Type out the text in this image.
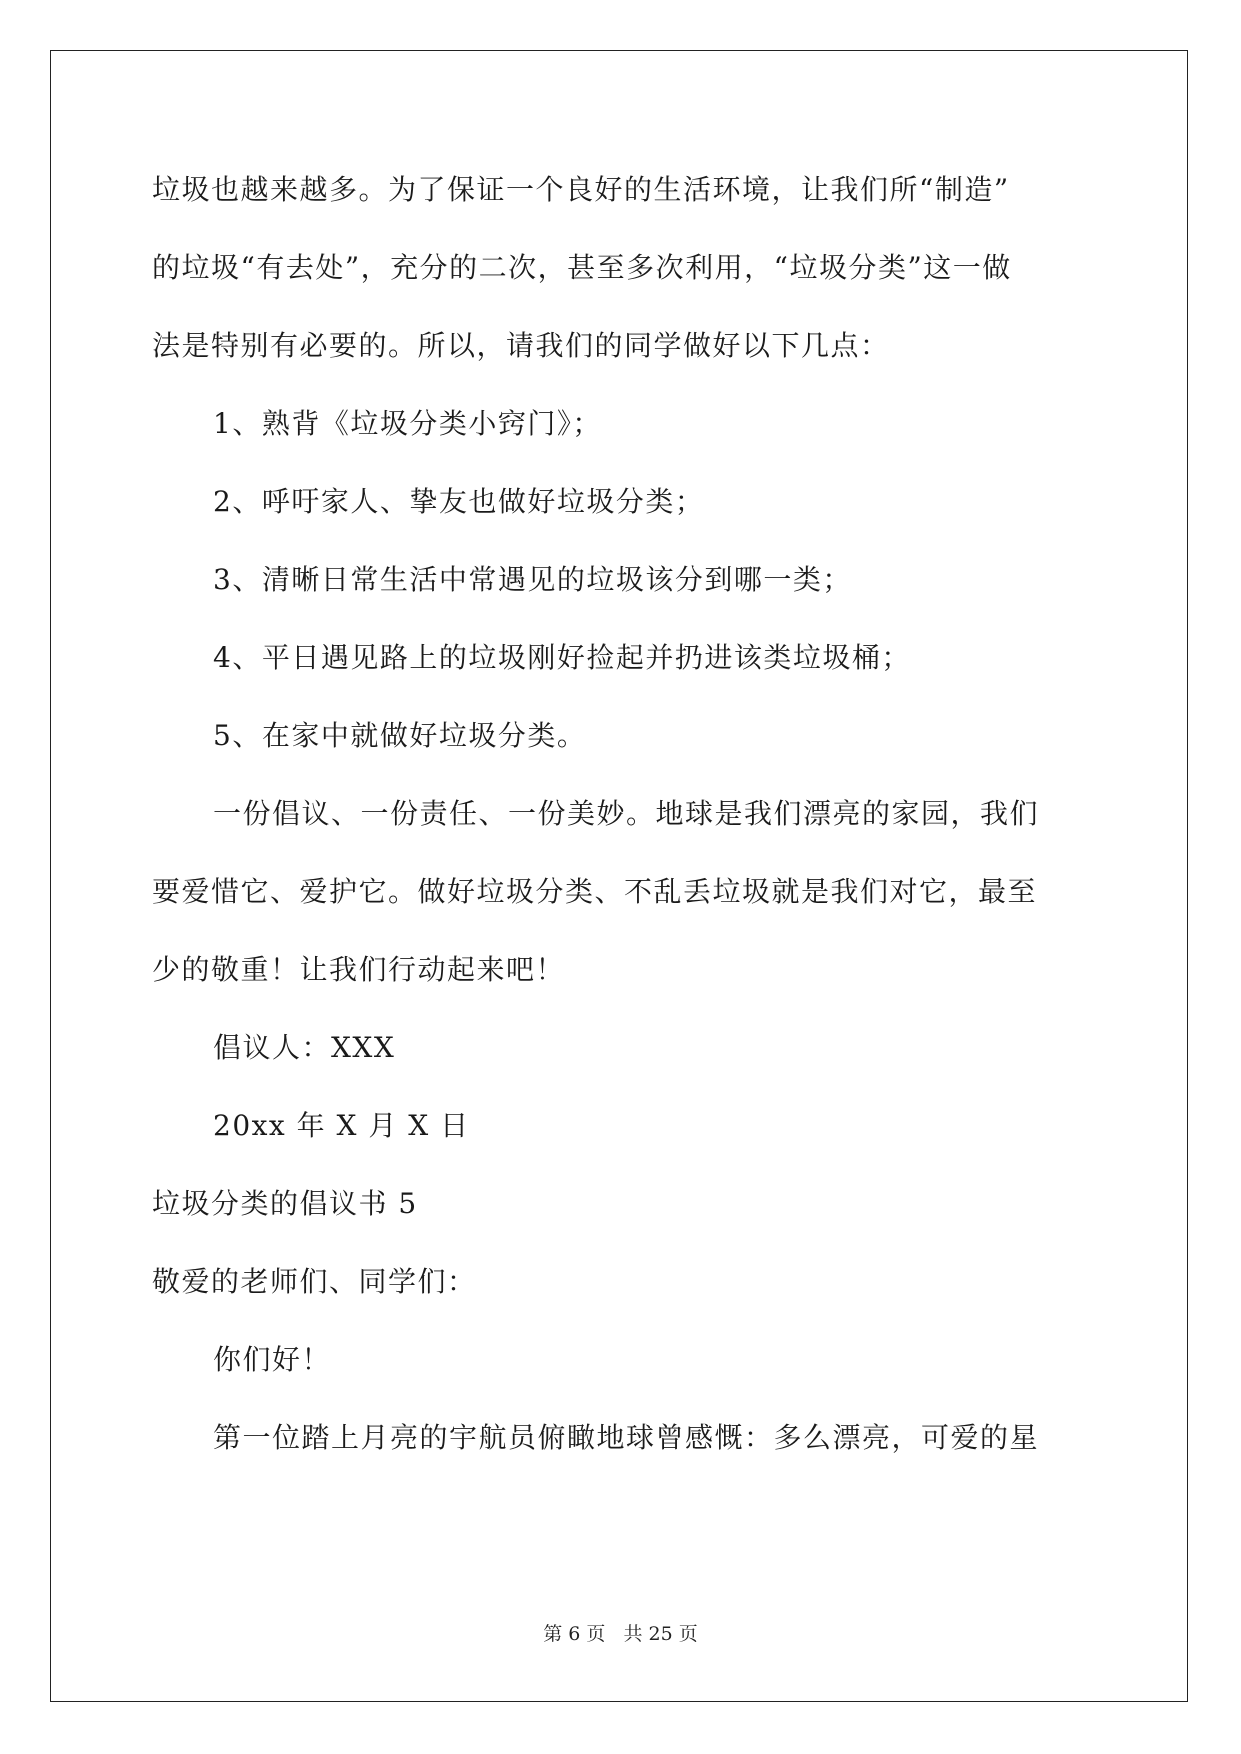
垃圾也越来越多。为了保证一个良好的生活环境，让我们所“制造”
的垃圾“有去处”，充分的二次，甚至多次利用，“垃圾分类”这一做
法是特别有必要的。所以，请我们的同学做好以下几点：
1、熟背《垃圾分类小窍门》；
2、呼吁家人、挚友也做好垃圾分类；
3、清晰日常生活中常遇见的垃圾该分到哪一类；
4、平日遇见路上的垃圾刚好捡起并扔进该类垃圾桶；
5、在家中就做好垃圾分类。
一份倡议、一份责任、一份美妙。地球是我们漂亮的家园，我们
要爱惜它、爱护它。做好垃圾分类、不乱丢垃圾就是我们对它，最至
少的敬重！让我们行动起来吧！
倡议人：XXX
20xx 年 X 月 X 日
垃圾分类的倡议书 5
敬爱的老师们、同学们：
你们好！
第一位踏上月亮的宇航员俯瞰地球曾感慨：多么漂亮，可爱的星
第 6 页 共 25 页
